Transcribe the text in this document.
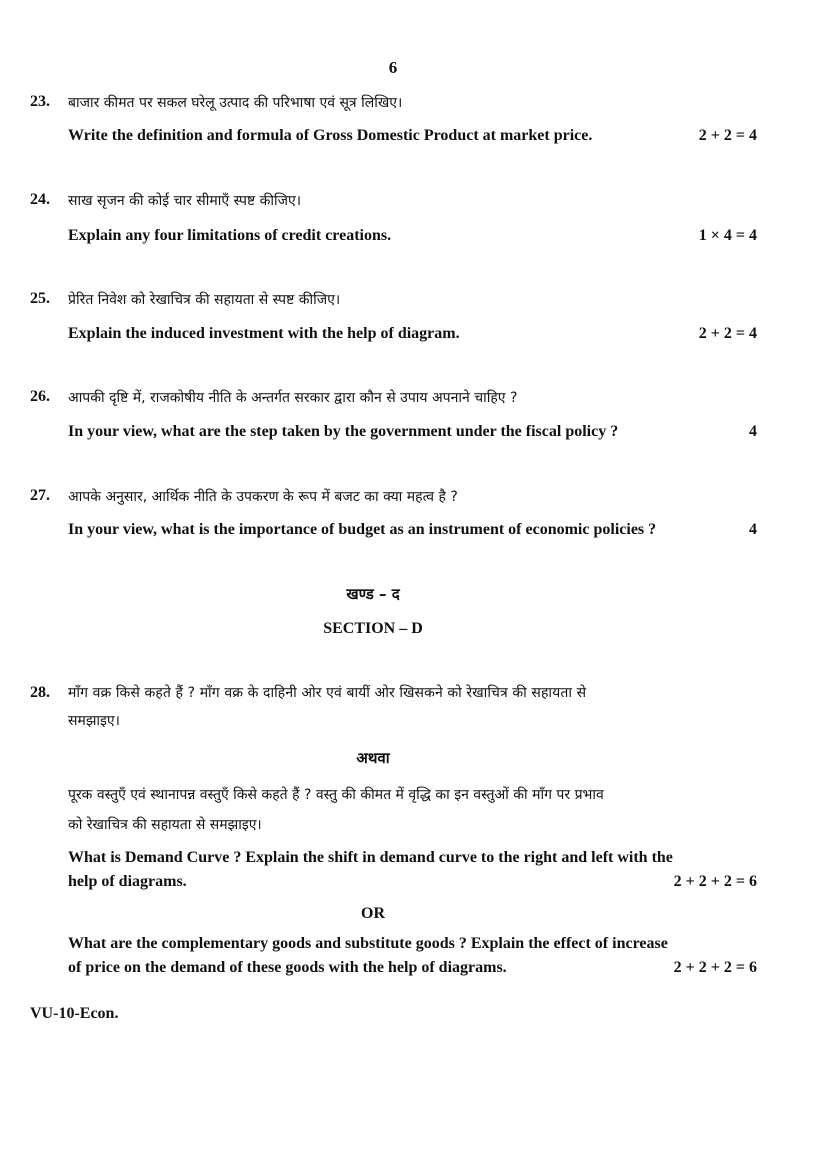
6
23. बाजार कीमत पर सकल घरेलू उत्पाद की परिभाषा एवं सूत्र लिखिए।
Write the definition and formula of Gross Domestic Product at market price.	2 + 2 = 4
24. साख सृजन की कोई चार सीमाएँ स्पष्ट कीजिए।
Explain any four limitations of credit creations.	1 × 4 = 4
25. प्रेरित निवेश को रेखाचित्र की सहायता से स्पष्ट कीजिए।
Explain the induced investment with the help of diagram.	2 + 2 = 4
26. आपकी दृष्टि में, राजकोषीय नीति के अन्तर्गत सरकार द्वारा कौन से उपाय अपनाने चाहिए ?
In your view, what are the step taken by the government under the fiscal policy ?	4
27. आपके अनुसार, आर्थिक नीति के उपकरण के रूप में बजट का क्या महत्व है ?
In your view, what is the importance of budget as an instrument of economic policies ?	4
खण्ड – द
SECTION – D
28. माँग वक्र किसे कहते हैं ? माँग वक्र के दाहिनी ओर एवं बायीं ओर खिसकने को रेखाचित्र की सहायता से
समझाइए।
अथवा
पूरक वस्तुएँ एवं स्थानापन्न वस्तुएँ किसे कहते हैं ? वस्तु की कीमत में वृद्धि का इन वस्तुओं की माँग पर प्रभाव
को रेखाचित्र की सहायता से समझाइए।
What is Demand Curve ? Explain the shift in demand curve to the right and left with the
help of diagrams.	2 + 2 + 2 = 6
OR
What are the complementary goods and substitute goods ? Explain the effect of increase
of price on the demand of these goods with the help of diagrams.	2 + 2 + 2 = 6
VU-10-Econ.
